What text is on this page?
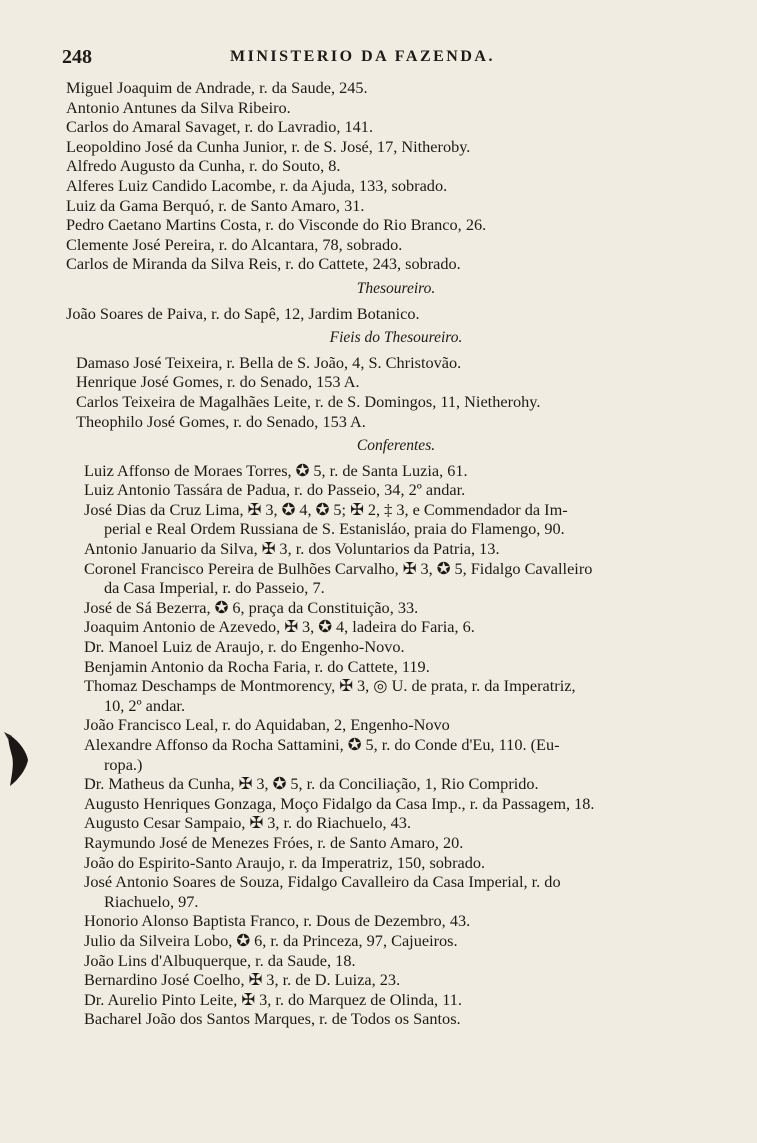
248	MINISTERIO DA FAZENDA.
Miguel Joaquim de Andrade, r. da Saude, 245.
Antonio Antunes da Silva Ribeiro.
Carlos do Amaral Savaget, r. do Lavradio, 141.
Leopoldino José da Cunha Junior, r. de S. José, 17, Nitheroby.
Alfredo Augusto da Cunha, r. do Souto, 8.
Alferes Luiz Candido Lacombe, r. da Ajuda, 133, sobrado.
Luiz da Gama Berquó, r. de Santo Amaro, 31.
Pedro Caetano Martins Costa, r. do Visconde do Rio Branco, 26.
Clemente José Pereira, r. do Alcantara, 78, sobrado.
Carlos de Miranda da Silva Reis, r. do Cattete, 243, sobrado.
Thesoureiro.
João Soares de Paiva, r. do Sapê, 12, Jardim Botanico.
Fieis do Thesoureiro.
Damaso José Teixeira, r. Bella de S. João, 4, S. Christovão.
Henrique José Gomes, r. do Senado, 153 A.
Carlos Teixeira de Magalhães Leite, r. de S. Domingos, 11, Nietherohy.
Theophilo José Gomes, r. do Senado, 153 A.
Conferentes.
Luiz Affonso de Moraes Torres, ✪ 5, r. de Santa Luzia, 61.
Luiz Antonio Tassára de Padua, r. do Passeio, 34, 2º andar.
José Dias da Cruz Lima, ✠ 3, ✪ 4, ✪ 5; ✠ 2, ‡ 3, e Commendador da Im-
perial e Real Ordem Russiana de S. Estanisláo, praia do Flamengo, 90.
Antonio Januario da Silva, ✠ 3, r. dos Voluntarios da Patria, 13.
Coronel Francisco Pereira de Bulhões Carvalho, ✠ 3, ✪ 5, Fidalgo Cavalleiro
da Casa Imperial, r. do Passeio, 7.
José de Sá Bezerra, ✪ 6, praça da Constituição, 33.
Joaquim Antonio de Azevedo, ✠ 3, ✪ 4, ladeira do Faria, 6.
Dr. Manoel Luiz de Araujo, r. do Engenho-Novo.
Benjamin Antonio da Rocha Faria, r. do Cattete, 119.
Thomaz Deschamps de Montmorency, ✠ 3, ◎ U. de prata, r. da Imperatriz,
10, 2º andar.
João Francisco Leal, r. do Aquidaban, 2, Engenho-Novo
Alexandre Affonso da Rocha Sattamini, ✪ 5, r. do Conde d'Eu, 110. (Eu-
ropa.)
Dr. Matheus da Cunha, ✠ 3, ✪ 5, r. da Conciliação, 1, Rio Comprido.
Augusto Henriques Gonzaga, Moço Fidalgo da Casa Imp., r. da Passagem, 18.
Augusto Cesar Sampaio, ✠ 3, r. do Riachuelo, 43.
Raymundo José de Menezes Fróes, r. de Santo Amaro, 20.
João do Espirito-Santo Araujo, r. da Imperatriz, 150, sobrado.
José Antonio Soares de Souza, Fidalgo Cavalleiro da Casa Imperial, r. do
Riachuelo, 97.
Honorio Alonso Baptista Franco, r. Dous de Dezembro, 43.
Julio da Silveira Lobo, ✪ 6, r. da Princeza, 97, Cajueiros.
João Lins d'Albuquerque, r. da Saude, 18.
Bernardino José Coelho, ✠ 3, r. de D. Luiza, 23.
Dr. Aurelio Pinto Leite, ✠ 3, r. do Marquez de Olinda, 11.
Bacharel João dos Santos Marques, r. de Todos os Santos.
